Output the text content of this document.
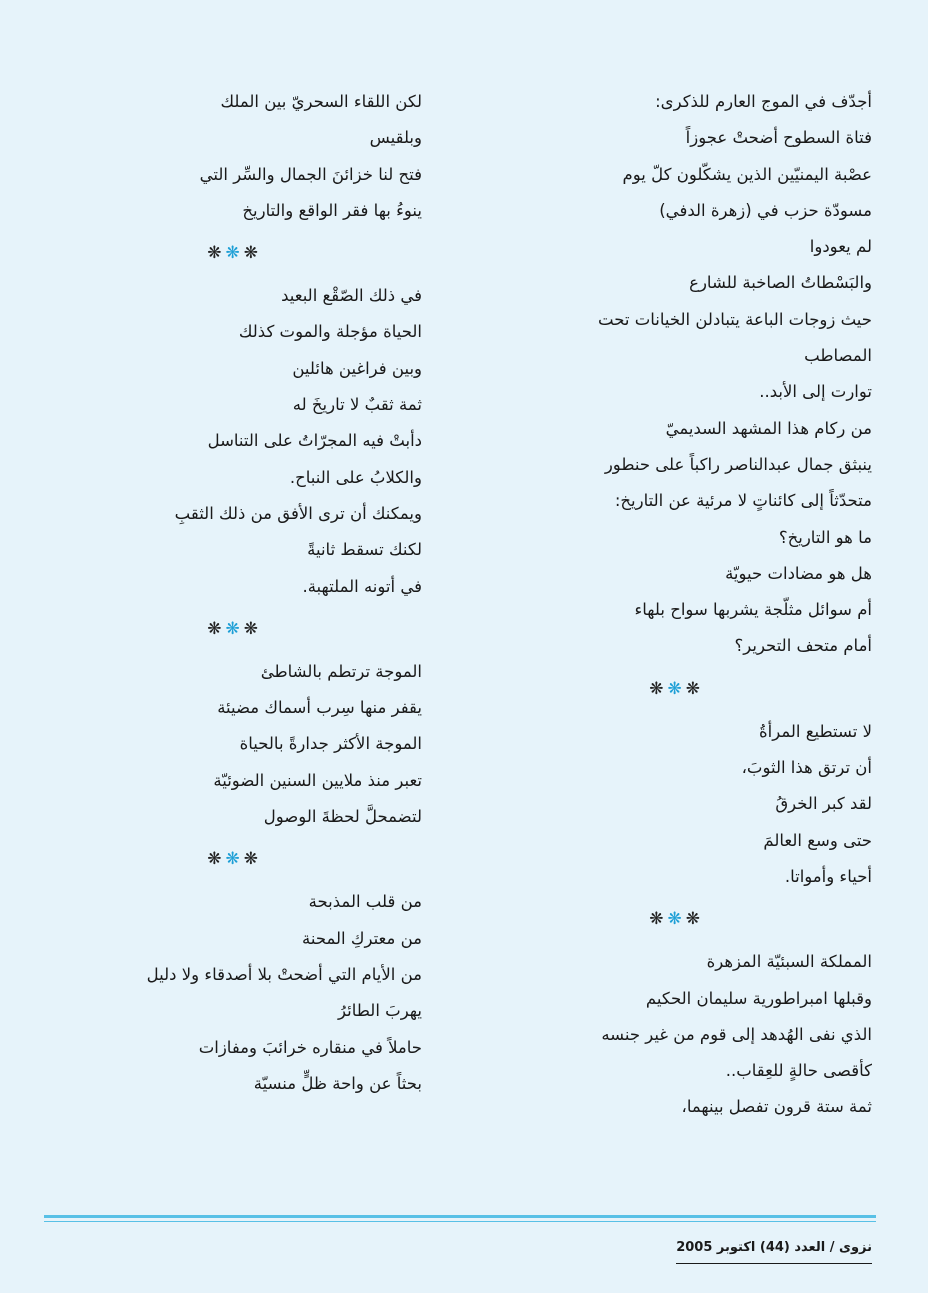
أجدّف في الموج العارم للذكرى:
فتاة السطوح أضحتْ عجوزاً
عصْبة اليمنيّين الذين يشكّلون كلّ يوم
مسودّة حزب في (زهرة الدفي)
لم يعودوا
والبَسْطاتُ الصاخبة للشارع
حيث زوجات الباعة يتبادلن الخيانات تحت
المصاطب
توارت إلى الأبد..
من ركام هذا المشهد السديميّ
ينبثق جمال عبدالناصر راكباً على حنطور
متحدّثاً إلى كائناتٍ لا مرئية عن التاريخ:
ما هو التاريخ؟
هل هو مضادات حيويّة
أم سوائل مثلّجة يشربها سواح بلهاء
أمام متحف التحرير؟
❋❋❋
لا تستطيع المرأةُ
أن ترتق هذا الثوبَ،
لقد كبر الخرقُ
حتى وسع العالمَ
أحياء وأمواتا.
❋❋❋
المملكة السبئيّة المزهرة
وقبلها امبراطورية سليمان الحكيم
الذي نفى الهُدهد إلى قوم من غير جنسه
كأقصى حالةٍ للعِقاب..
ثمة ستة قرون تفصل بينهما،
لكن اللقاء السحريّ بين الملك
وبلقيس
فتح لنا خزائنَ الجمال والسِّر التي
ينوءُ بها فقر الواقع والتاريخ
❋❋❋
في ذلك الصّقْع البعيد
الحياة مؤجلة والموت كذلك
وبين فراغين هائلين
ثمة ثقبٌ لا تاريخَ له
دأبتْ فيه المجرّاتُ على التناسل
والكلابُ على النباح.
ويمكنك أن ترى الأفق من ذلك الثقبِ
لكنك تسقط ثانيةً
في أتونه الملتهبة.
❋❋❋
الموجة ترتطم بالشاطئ
يقفر منها سِرب أسماك مضيئة
الموجة الأكثر جدارةً بالحياة
تعبر منذ ملايين السنين الضوئيّة
لتضمحلَّ لحظةَ الوصول
❋❋❋
من قلب المذبحة
من معتركِ المحنة
من الأيام التي أضحتْ بلا أصدقاء ولا دليل
يهربَ الطائرُ
حاملاً في منقاره خرائبَ ومفازات
بحثاً عن واحة ظلٍّ منسيّة
نزوى / العدد (44) اكتوبر 2005
